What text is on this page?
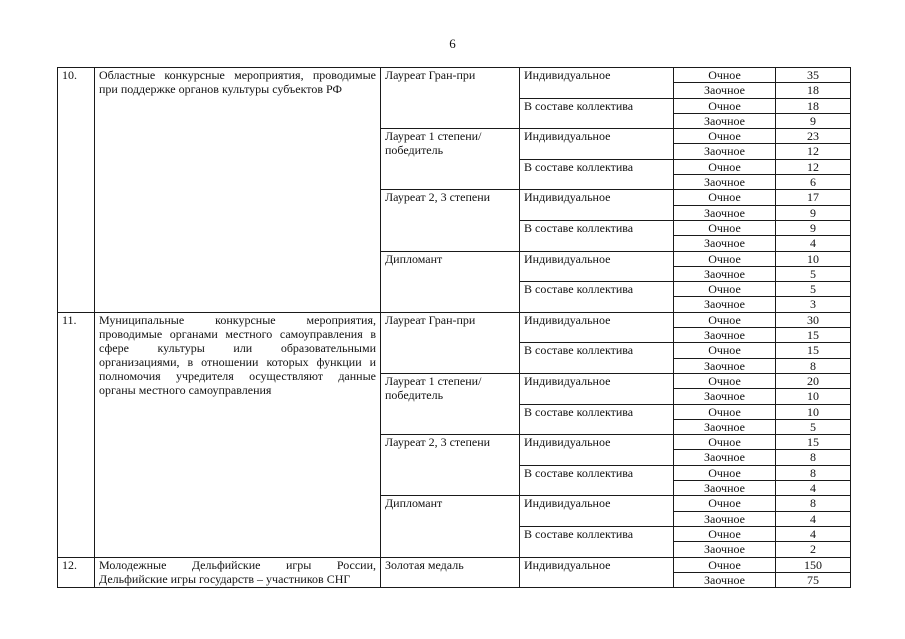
6
10.	Областные конкурсные мероприятия, проводимые при поддержке органов культуры субъектов РФ	Лауреат Гран-при	Индивидуальное	Очное	35
				Заочное	18
			В составе коллектива	Очное	18
				Заочное	9
		Лауреат 1 степени/ победитель	Индивидуальное	Очное	23
				Заочное	12
			В составе коллектива	Очное	12
				Заочное	6
		Лауреат 2, 3 степени	Индивидуальное	Очное	17
				Заочное	9
			В составе коллектива	Очное	9
				Заочное	4
		Дипломант	Индивидуальное	Очное	10
				Заочное	5
			В составе коллектива	Очное	5
				Заочное	3
11.	Муниципальные конкурсные мероприятия, проводимые органами местного самоуправления в сфере культуры или образовательными организациями, в отношении которых функции и полномочия учредителя осуществляют данные органы местного самоуправления	Лауреат Гран-при	Индивидуальное	Очное	30
				Заочное	15
			В составе коллектива	Очное	15
				Заочное	8
		Лауреат 1 степени/ победитель	Индивидуальное	Очное	20
				Заочное	10
			В составе коллектива	Очное	10
				Заочное	5
		Лауреат 2, 3 степени	Индивидуальное	Очное	15
				Заочное	8
			В составе коллектива	Очное	8
				Заочное	4
		Дипломант	Индивидуальное	Очное	8
				Заочное	4
			В составе коллектива	Очное	4
				Заочное	2
12.	Молодежные Дельфийские игры России, Дельфийские игры государств – участников СНГ	Золотая медаль	Индивидуальное	Очное	150
				Заочное	75
